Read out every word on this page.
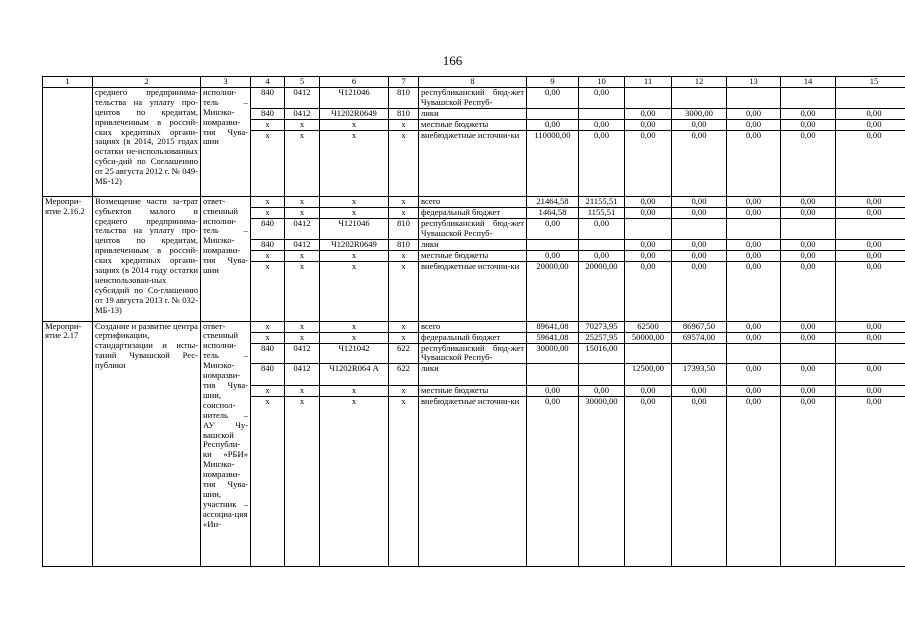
166
1	2	3	4	5	6	7	8	9	10	11	12	13	14	15
	среднего предпринима-тельства на уплату про-центов по кредитам, привлеченным в россий-ских кредитных органи-зациях (в 2014, 2015 годах остатки не-использованных субси-дий по Соглашению от 25 августа 2012 г. № 049-МБ-12)	исполни-тель – Минэко-номразви-тия Чува-шии	840	0412	Ч121046	810	республиканский бюд-жет Чувашской Респуб-	0,00	0,00					
			840	0412	Ч1202R0649	810	лики			0,00	3000,00	0,00	0,00	0,00
			x	x	x	x	местные бюджеты	0,00	0,00	0,00	0,00	0,00	0,00	0,00
			x	x	x	x	внебюджетные источни-ки	110000,00	0,00	0,00	0,00	0,00	0,00	0,00
Меропри-ятие 2.16.2	Возмещение части за-трат субъектов малого и среднего предпринима-тельства на уплату про-центов по кредитам, привлеченным в россий-ских кредитных органи-зациях (в 2014 году остатки неиспользован-ных субсидий по Со-глашению от 19 августа 2013 г. № 032-МБ-13)	ответ-ственный исполни-тель – Минэко-номразви-тия Чува-шии	x	x	x	x	всего	21464,58	21155,51	0,00	0,00	0,00	0,00	0,00
			x	x	x	x	федеральный бюджет	1464,58	1155,51	0,00	0,00	0,00	0,00	0,00
			840	0412	Ч121046	810	республиканский бюд-жет Чувашской Респуб-	0,00	0,00					
			840	0412	Ч1202R0649	810	лики			0,00	0,00	0,00	0,00	0,00
			x	x	x	x	местные бюджеты	0,00	0,00	0,00	0,00	0,00	0,00	0,00
			x	x	x	x	внебюджетные источни-ки	20000,00	20000,00	0,00	0,00	0,00	0,00	0,00
Меропри-ятие 2.17	Создание и развитие центра сертификации, стандартизации и испы-таний Чувашской Рес-публики	ответ-ственный исполни-тель – Минэко-номразви-тия Чува-шии, соиспол-нитель – АУ Чу-вашской Республи-ки «РБИ» Минэко-номразви-тия Чува-шии, участник – ассоциа-ция «Ин-	x	x	x	x	всего	89641,08	70273,95	62500	86967,50	0,00	0,00	0,00
			x	x	x	x	федеральный бюджет	59641,08	25257,95	50000,00	69574,00	0,00	0,00	0,00
			840	0412	Ч121042	622	республиканский бюд-жет Чувашской Респуб-	30000,00	15016,00					
			840	0412	Ч1202R064 А	622	лики			12500,00	17393,50	0,00	0,00	0,00
			x	x	x	x	местные бюджеты	0,00	0,00	0,00	0,00	0,00	0,00	0,00
			x	x	x	x	внебюджетные источни-ки	0,00	30000,00	0,00	0,00	0,00	0,00	0,00
